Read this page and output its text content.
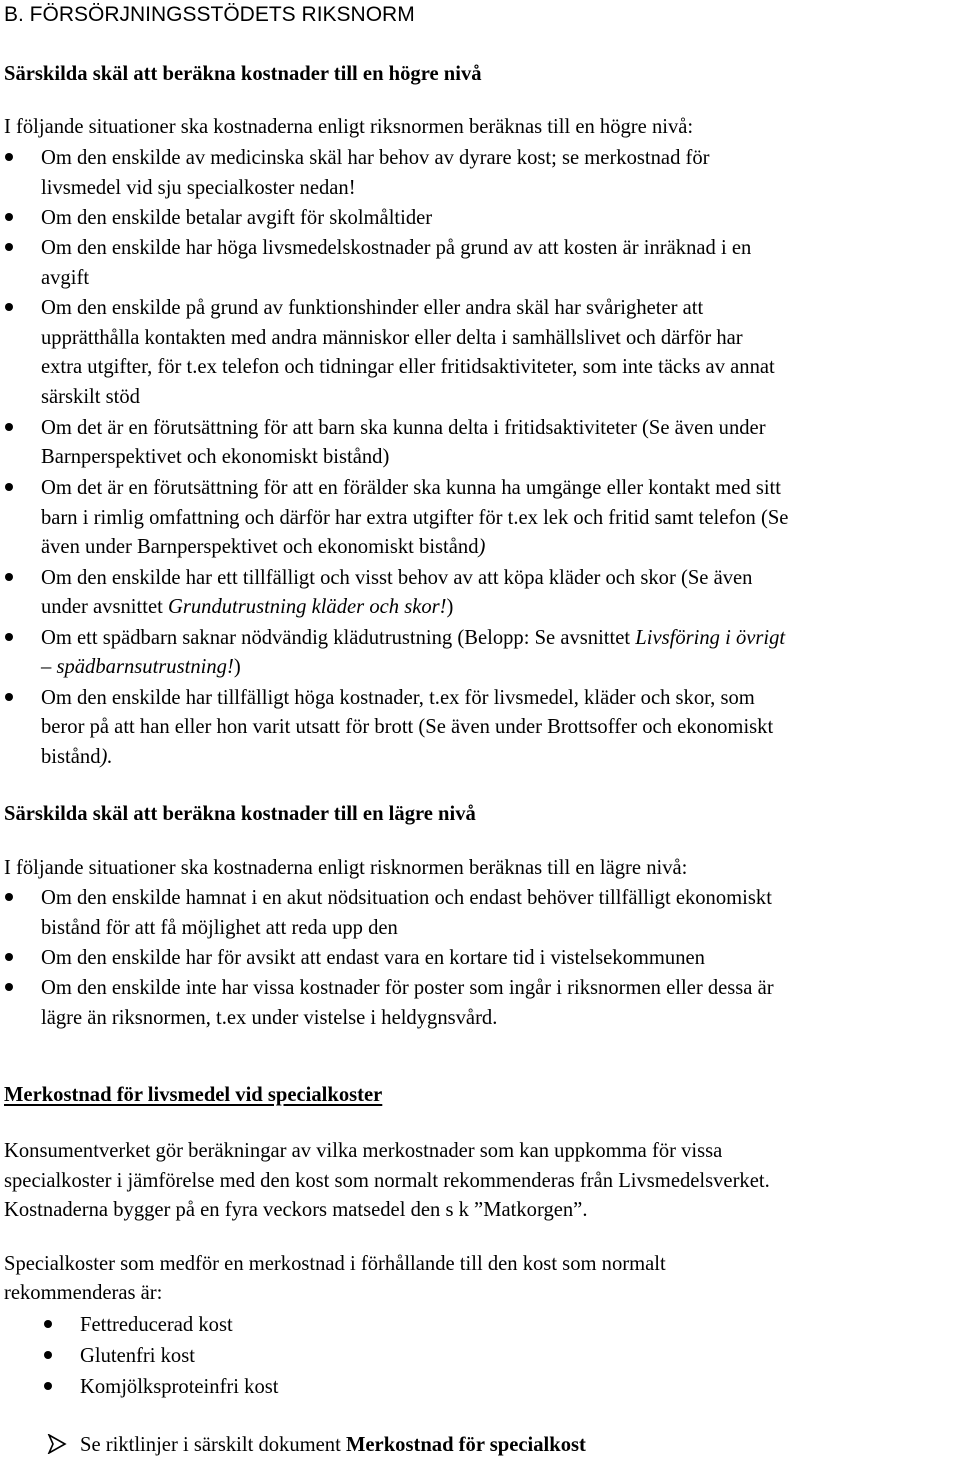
B. FÖRSÖRJNINGSSTÖDETS RIKSNORM
Särskilda skäl att beräkna kostnader till en högre nivå
I följande situationer ska kostnaderna enligt riksnormen beräknas till en högre nivå:
Om den enskilde av medicinska skäl har behov av dyrare kost; se merkostnad för
livsmedel vid sju specialkoster nedan!
Om den enskilde betalar avgift för skolmåltider
Om den enskilde har höga livsmedelskostnader på grund av att kosten är inräknad i en
avgift
Om den enskilde på grund av funktionshinder eller andra skäl har svårigheter att
upprätthålla kontakten med andra människor eller delta i samhällslivet och därför har
extra utgifter, för t.ex telefon och tidningar eller fritidsaktiviteter, som inte täcks av annat
särskilt stöd
Om det är en förutsättning för att barn ska kunna delta i fritidsaktiviteter (Se även under
Barnperspektivet och ekonomiskt bistånd)
Om det är en förutsättning för att en förälder ska kunna ha umgänge eller kontakt med sitt
barn i rimlig omfattning och därför har extra utgifter för t.ex lek och fritid samt telefon (Se
även under Barnperspektivet och ekonomiskt bistånd)
Om den enskilde har ett tillfälligt och visst behov av att köpa kläder och skor (Se även
under avsnittet Grundutrustning kläder och skor!)
Om ett spädbarn saknar nödvändig klädutrustning (Belopp: Se avsnittet Livsföring i övrigt
– spädbarnsutrustning!)
Om den enskilde har tillfälligt höga kostnader, t.ex för livsmedel, kläder och skor, som
beror på att han eller hon varit utsatt för brott (Se även under Brottsoffer och ekonomiskt
bistånd).
Särskilda skäl att beräkna kostnader till en lägre nivå
I följande situationer ska kostnaderna enligt risknormen beräknas till en lägre nivå:
Om den enskilde hamnat i en akut nödsituation och endast behöver tillfälligt ekonomiskt
bistånd för att få möjlighet att reda upp den
Om den enskilde har för avsikt att endast vara en kortare tid i vistelsekommunen
Om den enskilde inte har vissa kostnader för poster som ingår i riksnormen eller dessa är
lägre än riksnormen, t.ex under vistelse i heldygnsvård.
Merkostnad för livsmedel vid specialkoster
Konsumentverket gör beräkningar av vilka merkostnader som kan uppkomma för vissa
specialkoster i jämförelse med den kost som normalt rekommenderas från Livsmedelsverket.
Kostnaderna bygger på en fyra veckors matsedel den s k ”Matkorgen”.
Specialkoster som medför en merkostnad i förhållande till den kost som normalt
rekommenderas är:
Fettreducerad kost
Glutenfri kost
Komjölksproteinfri kost
Se riktlinjer i särskilt dokument Merkostnad för specialkost
